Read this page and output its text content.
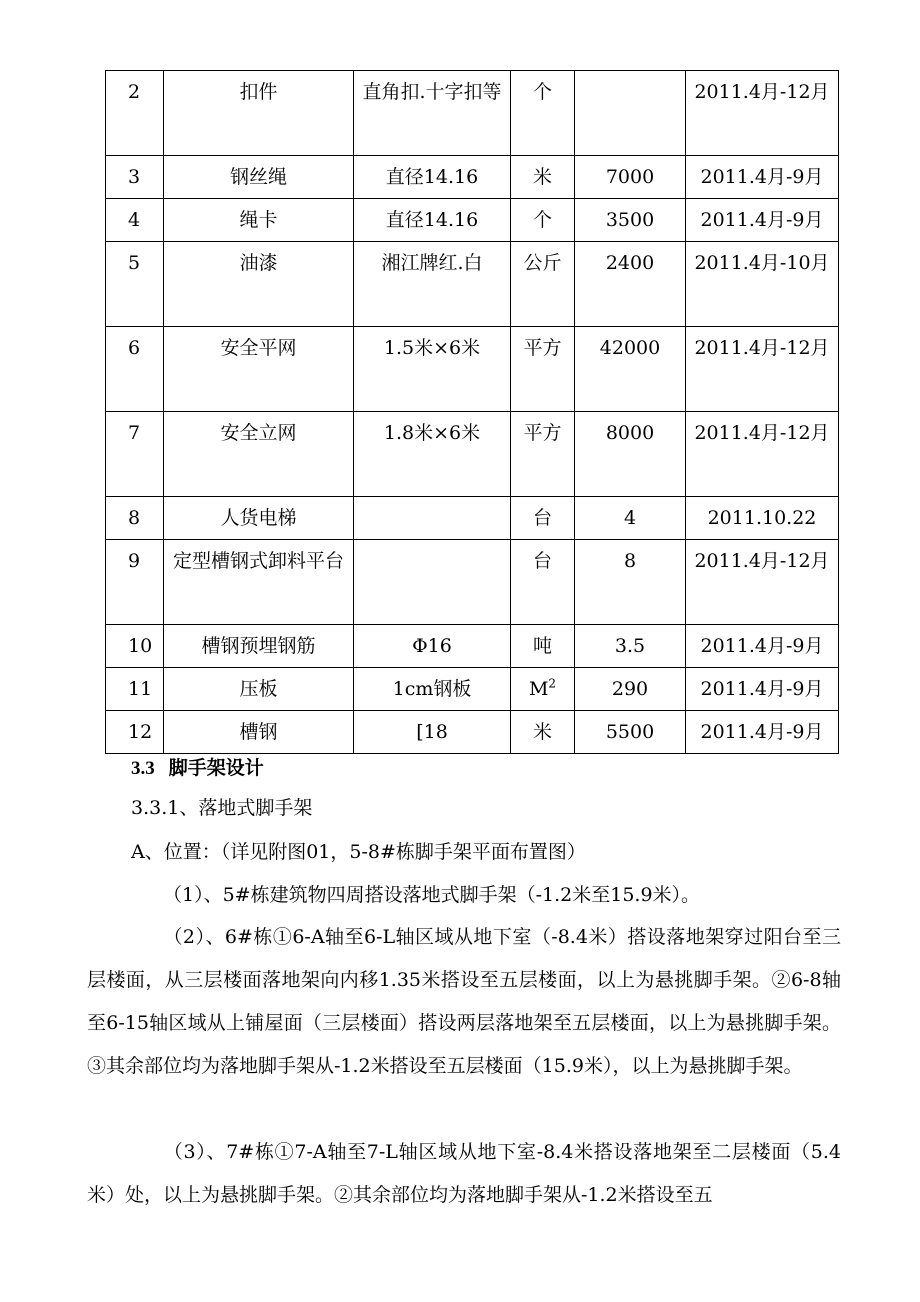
2	扣件	直角扣.十字扣等	个		2011.4月-12月
3	钢丝绳	直径14.16	米	7000	2011.4月-9月
4	绳卡	直径14.16	个	3500	2011.4月-9月
5	油漆	湘江牌红.白	公斤	2400	2011.4月-10月
6	安全平网	1.5米×6米	平方	42000	2011.4月-12月
7	安全立网	1.8米×6米	平方	8000	2011.4月-12月
8	人货电梯		台	4	2011.10.22
9	定型槽钢式卸料平台		台	8	2011.4月-12月
10	槽钢预埋钢筋	Φ16	吨	3.5	2011.4月-9月
11	压板	1cm钢板	$M^2$	290	2011.4月-9月
12	槽钢	[18	米	5500	2011.4月-9月
3.3 脚手架设计
3.3.1、落地式脚手架
A、位置：（详见附图01，5-8#栋脚手架平面布置图）
（1）、5#栋建筑物四周搭设落地式脚手架（-1.2米至15.9米）。
（2）、6#栋①6-A轴至6-L轴区域从地下室（-8.4米）搭设落地架穿过阳台至三层楼面，从三层楼面落地架向内移1.35米搭设至五层楼面，以上为悬挑脚手架。②6-8轴至6-15轴区域从上铺屋面（三层楼面）搭设两层落地架至五层楼面，以上为悬挑脚手架。③其余部位均为落地脚手架从-1.2米搭设至五层楼面（15.9米），以上为悬挑脚手架。
（3）、7#栋①7-A轴至7-L轴区域从地下室-8.4米搭设落地架至二层楼面（5.4米）处，以上为悬挑脚手架。②其余部位均为落地脚手架从-1.2米搭设至五
